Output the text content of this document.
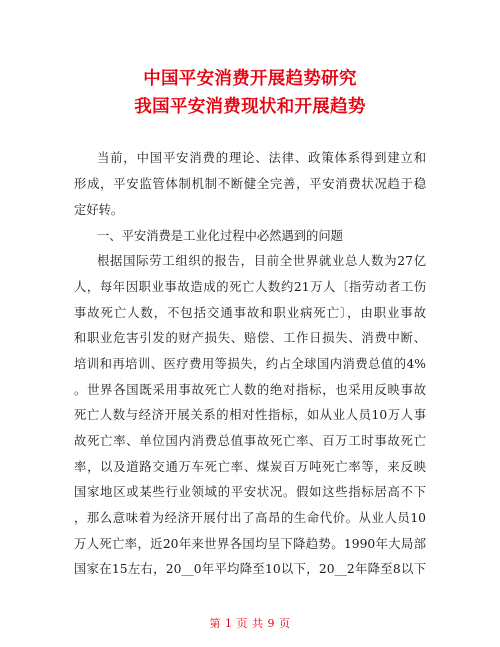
中国平安消费开展趋势研究
我国平安消费现状和开展趋势
当前，中国平安消费的理论、法律、政策体系得到建立和
形成，平安监管体制机制不断健全完善，平安消费状况趋于稳
定好转。
一、平安消费是工业化过程中必然遇到的问题
根据国际劳工组织的报告，目前全世界就业总人数为27亿
人，每年因职业事故造成的死亡人数约21万人〔指劳动者工伤
事故死亡人数，不包括交通事故和职业病死亡〕，由职业事故
和职业危害引发的财产损失、赔偿、工作日损失、消费中断、
培训和再培训、医疗费用等损失，约占全球国内消费总值的4%
。世界各国既采用事故死亡人数的绝对指标，也采用反映事故
死亡人数与经济开展关系的相对性指标，如从业人员10万人事
故死亡率、单位国内消费总值事故死亡率、百万工时事故死亡
率，以及道路交通万车死亡率、煤炭百万吨死亡率等，来反映
国家地区或某些行业领域的平安状况。假如这些指标居高不下
，那么意味着为经济开展付出了高昂的生命代价。从业人员10
万人死亡率，近20年来世界各国均呈下降趋势。1990年大局部
国家在15左右，20__0年平均降至10以下，20__2年降至8以下
第 1 页 共 9 页
